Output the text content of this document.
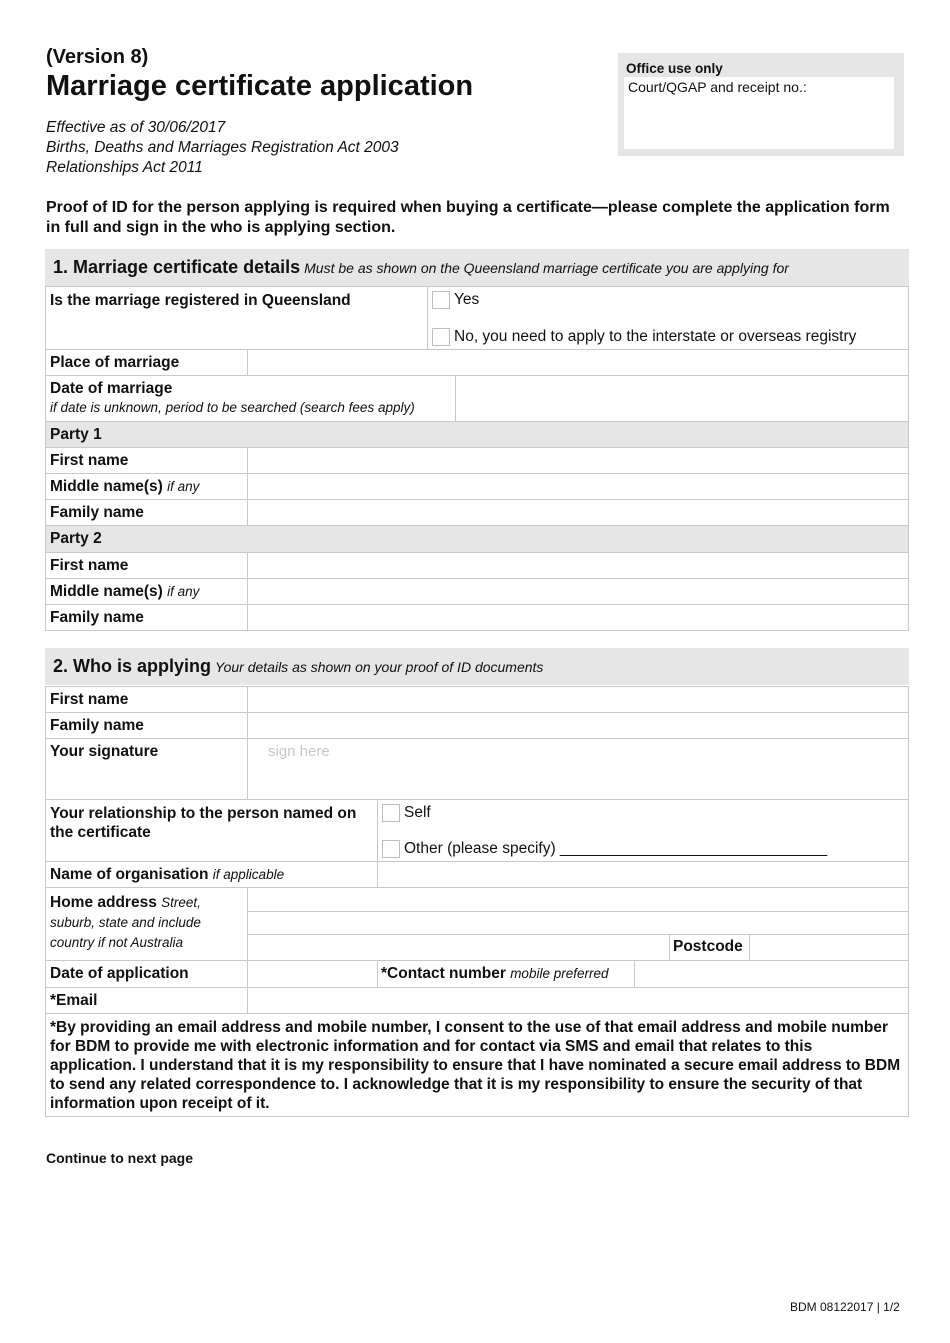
(Version 8)
Marriage certificate application
Effective as of 30/06/2017
Births, Deaths and Marriages Registration Act 2003
Relationships Act 2011
Office use only
Court/QGAP and receipt no.:
Proof of ID for the person applying is required when buying a certificate—please complete the application form in full and sign in the who is applying section.
1. Marriage certificate details Must be as shown on the Queensland marriage certificate you are applying for
Is the marriage registered in Queensland	Yes
No, you need to apply to the interstate or overseas registry
Place of marriage
Date of marriage
if date is unknown, period to be searched (search fees apply)
Party 1
First name
Middle name(s) if any
Family name
Party 2
First name
Middle name(s) if any
Family name
2. Who is applying Your details as shown on your proof of ID documents
First name
Family name
Your signature	sign here
Your relationship to the person named on the certificate
Self
Other (please specify) _______________________________
Name of organisation if applicable
Home address Street,
suburb, state and include
country if not Australia	Postcode
Date of application	*Contact number mobile preferred
*Email
*By providing an email address and mobile number, I consent to the use of that email address and mobile number for BDM to provide me with electronic information and for contact via SMS and email that relates to this application. I understand that it is my responsibility to ensure that I have nominated a secure email address to BDM to send any related correspondence to. I acknowledge that it is my responsibility to ensure the security of that information upon receipt of it.
Continue to next page
BDM 08122017 | 1/2
